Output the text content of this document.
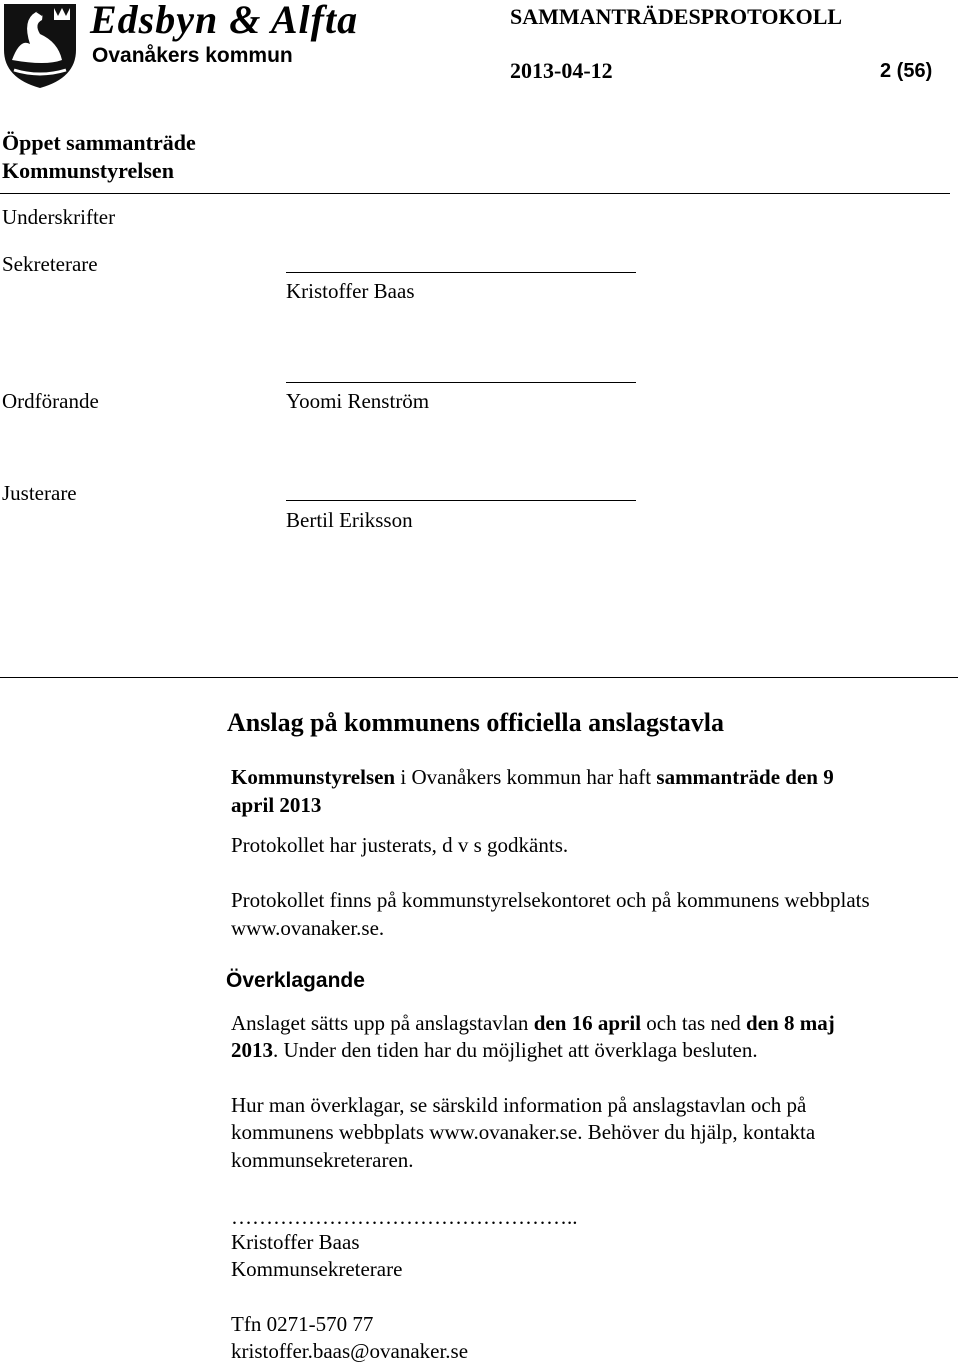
Edsbyn & Alfta
Ovanåkers kommun
SAMMANTRÄDESPROTOKOLL
2013-04-12	2 (56)
Öppet sammanträde
Kommunstyrelsen
Underskrifter
Sekreterare
Kristoffer Baas
Ordförande	Yoomi Renström
Justerare
Bertil Eriksson
Anslag på kommunens officiella anslagstavla
Kommunstyrelsen i Ovanåkers kommun har haft sammanträde den 9
april 2013
Protokollet har justerats, d v s godkänts.
Protokollet finns på kommunstyrelsekontoret och på kommunens webbplats
www.ovanaker.se.
Överklagande
Anslaget sätts upp på anslagstavlan den 16 april och tas ned den 8 maj
2013. Under den tiden har du möjlighet att överklaga besluten.
Hur man överklagar, se särskild information på anslagstavlan och på
kommunens webbplats www.ovanaker.se. Behöver du hjälp, kontakta
kommunsekreteraren.
…………………………………………..
Kristoffer Baas
Kommunsekreterare
Tfn 0271-570 77
kristoffer.baas@ovanaker.se
